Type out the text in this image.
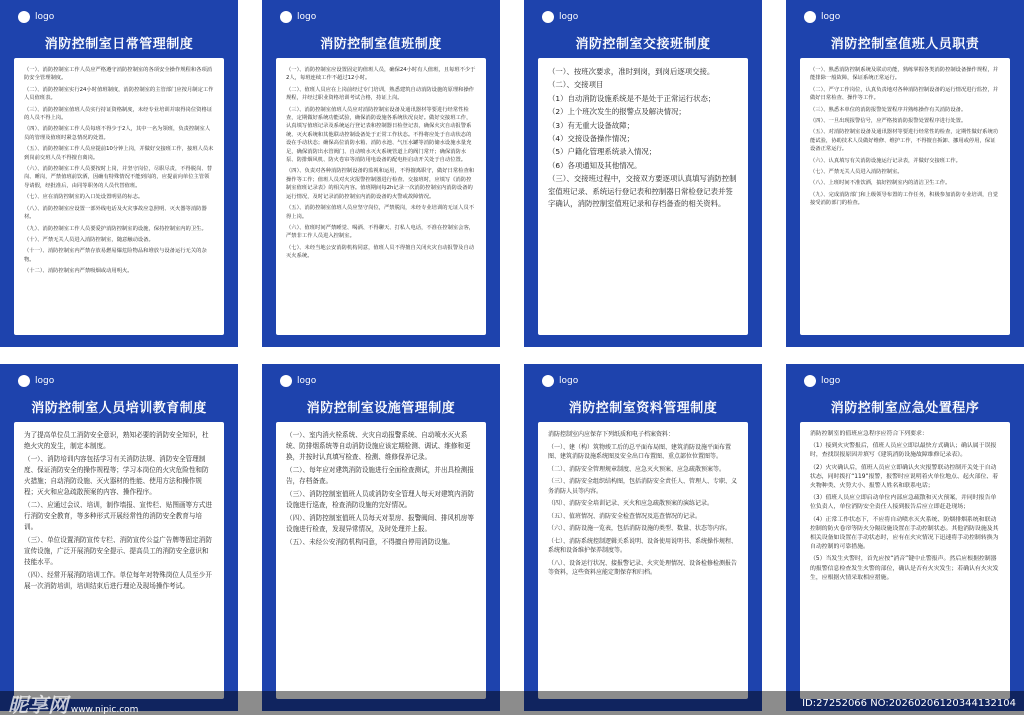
logo
消防控制室日常管理制度

（一）、消防控制室工作人员应严格遵守消防控制室的各项安全操作规程和各项消防安全管理制度。

（二）、消防控制室实行24小时值班制度，消防控制室的主管部门应按月制定工作人员值班表。

（三）、消防控制室值班人员实行持证资格制度，未经专业培训并取得岗位资格证的人员不得上岗。

（四）、消防控制室工作人员每班不得少于2人，其中一名为领班，负责控制室人员的管理及值班时紧急情况的处置。

（五）、消防控制室工作人员应提前10分钟上岗，并做好交接班工作，接班人员未到岗前交班人员不得擅自离岗。

（六）、消防控制室工作人员要按时上岗，并坚守岗位，尽职尽责，不得脱岗、替岗、睡岗，严禁值班前饮酒，因确有特殊情况不能到岗的，应提前向单位主管领导请假，经批准后，由同等职务的人员代替值班。

（七）、应在消防控制室的入口处设置明显的标志。

（八）、消防控制室应设置一部外线电话及火灾事故应急照明、灭火器等消防器材。

（九）、消防控制室工作人员要爱护消防控制室的设施，保持控制室内的卫生。

（十）、严禁无关人员进入消防控制室，随意触动设备。

（十一）、消防控制室内严禁存放易燃易爆危险物品和堆放与设备运行无关的杂物。

（十二）、消防控制室内严禁吸烟或动用明火。

logo
消防控制室值班制度

（一）、消防控制室应设置固定的值班人员，确保24小时有人值班，且每班不少于2人，每班连续工作不超过12小时。

（二）、值班人员应在上岗前经过专门培训，熟悉建筑自动消防设施的原理和操作规程，并经过职业资格培训考试合格，持证上岗。

（三）、消防控制室值班人员应对消防控制室设备及通讯器材等要进行经常性检查，定期做好系统功能试验，确保消防设施各系统状况良好。做好交接班工作，认真填写值班记录及系统运行登记表和控制器日检登记表，确保火灾自动报警系统、灭火系统和其他联动控制设备处于正常工作状态。不得将应处于自动状态的设在手动状态；确保高位消防水箱、消防水池、气压水罐等消防储水设施水量充足，确保消防出水管阀门、自动喷水灭火系统管道上的阀门常开；确保消防水泵、防排烟风机、防火卷帘等消防用电设备的配电柜启动开关处于自动位置。

（四）、负责对各种消防控制设备的监视和运用，不得擅离职守，做好日常检查和操作等工作；值班人员对火灾报警控制器进行检查、交接班时，应填写《消防控制室值班记录表》的相关内容。值班期间每2h记录一次消防控制室内消防设备的运行情况，及时记录消防控制室内消防设备的火警或故障情况。

（五）、消防控制室值班人员应坚守岗位，严禁脱岗，未经专业培训的无证人员不得上岗。

（六）、值班时间严禁睡觉、喝酒、不得聊天、打私人电话，不准在控制室会客，严禁非工作人员进入控制室。

（七）、未经当地公安消防机构同意，值班人员不得擅自关闭火灾自动报警及自动灭火系统。

logo
消防控制室交接班制度

（一）、按班次要求，准时到岗，到岗后逐项交接。

（二）、交接项目

（1）自动消防设施系统是不是处于正常运行状态；

（2）上个班次发生的报警点及解决情况；

（3）有无重大设备故障；

（4）交接设备操作情况；

（5）户籍化管理系统录入情况；

（6）各项通知及其他情况。

（三）、交接班过程中，交接双方要逐项认真填写消防控制室值班记录、系统运行登记表和控制器日常检登记表并签字确认，消防控制室值班记录和存档备查的相关资料。

logo
消防控制室值班人员职责

（一）、熟悉消防控制系统及联动功能，熟练掌握各类消防控制设备操作规程，并能排除一般故障，保证系统正常运行。

（二）、严守工作岗位，认真负责地对各种消防控制设备的运行情况进行监控，并做好日常检查、操作等工作。

（三）、熟悉本单位的消防报警处置程序并熟练操作有关消防设备。

（四）、一旦出现报警信号，应严格按消防报警处置程序进行处置。

（五）、对消防控制室设备及通讯器材等要进行经常性的检查，定期性做好系统功能试验，协助技术人员做好维修、维护工作，不得擅自拆卸、挪用或停用，保证设备正常运行。

（六）、认真填写有关消防设施运行记录表，并做好交接班工作。

（七）、严禁无关人员进入消防控制室。

（八）、上班时间不准饮酒，搞好控制室内的清洁卫生工作。

（九）、完成消防部门和上级领导布置的工作任务，积极参加消防专业培训，自觉接受消防部门的检查。

logo
消防控制室人员培训教育制度

为了提高单位员工消防安全意识，熟知必要的消防安全知识，杜绝火灾的发生，制定本制度。

（一）、消防培训内容包括学习有关消防法规、消防安全管理制度、保证消防安全的操作规程等；学习本岗位的火灾危险性和防火措施；自动消防设施、灭火器材的性能、使用方法和操作规程；灭火和应急疏散预案的内容、操作程序。

（二）、应通过会议、培训，制作墙报、宣传栏、贴图画等方式进行消防安全教育，等多种形式开展经常性的消防安全教育与培训。

（三）、单位设置消防宣传专栏、消防宣传公益广告牌等固定消防宣传设施，广泛开展消防安全提示、提高员工的消防安全意识和技能水平。

（四）、经常开展消防培训工作。单位每年对特殊岗位人员至少开展一次消防培训，培训结束后进行理论及现场操作考试。

logo
消防控制室设施管理制度

（一）、室内消火栓系统、火灾自动报警系统、自动喷水灭火系统、防排烟系统等自动消防设施应该定期检测、调试、维修和更换，并按时认真填写检查、检测、维修保养记录。

（二）、每年应对建筑消防设施进行全面检查测试，并出具检测报告，存档备查。

（三）、消防控制室值班人员或消防安全管理人每天对建筑内消防设施进行巡查，检查消防设施的完好情况。

（四）、消防控制室值班人员每天对泵房、报警阀间、排风机房等设施进行检查，发现异常情况，及时处理并上报。

（五）、未经公安消防机构同意，不得擅自停用消防设施。

logo
消防控制室资料管理制度

消防控制室内应保存下列纸质和电子档案资料：

（一）、建（构）筑物竣工后的总平面布局图、建筑消防设施平面布置图、建筑消防设施系统图及安全出口布置图、重点部位位置图等。

（二）、消防安全管理规章制度、应急灭火预案、应急疏散预案等。

（三）、消防安全组织结构图，包括消防安全责任人、管理人、专职、义务消防人员等内容。

（四）、消防安全培训记录、灭火和应急疏散预案的演练记录。

（五）、值班情况、消防安全检查情况及巡查情况的记录。

（六）、消防设施一览表，包括消防设施的类型、数量、状态等内容。

（七）、消防系统控制逻辑关系说明、设备使用说明书、系统操作规程、系统和设备维护保养制度等。

（八）、设备运行状况、接报警记录、火灾处理情况、设备检修检测报告等资料，这些资料应能定期保存和归档。

logo
消防控制室应急处置程序

消防控制室的值班应急程序应符合下列要求：

（1）接到火灾警报后，值班人员应立即以最快方式确认；确认属于误报时，查找误报原因并填写《建筑消防设施故障维修记录表》。

（2）火灾确认后，值班人员应立即确认火灾报警联动控制开关处于自动状态，同时拨打“119”报警，报警时应说明着火单位地点、起火部位、着火物种类、火势大小、报警人姓名和联系电话；

（3）值班人员应立即启动单位内部应急疏散和灭火预案，并同时报告单位负责人，单位消防安全责任人接到报告后应立即赶赴现场；

（4）正常工作状态下，不应将自动喷水灭火系统、防烟排烟系统和联动控制的防火卷帘等防火分隔设施设置在手动控制状态。其他消防设施及其相关设备如设置在手动状态时，应有在火灾情况下迅速将手动控制转换为自动控制的可靠措施。

（5）当发生火警时，首先应按“消音”键中止警报声。然后应根据控制器的报警信息检查发生火警的部位，确认是否有火灾发生；若确认有火灾发生，应根据火情采取相应措施。

昵享网 www.nipic.com
ID:27252066 NO:20260206120344132104
